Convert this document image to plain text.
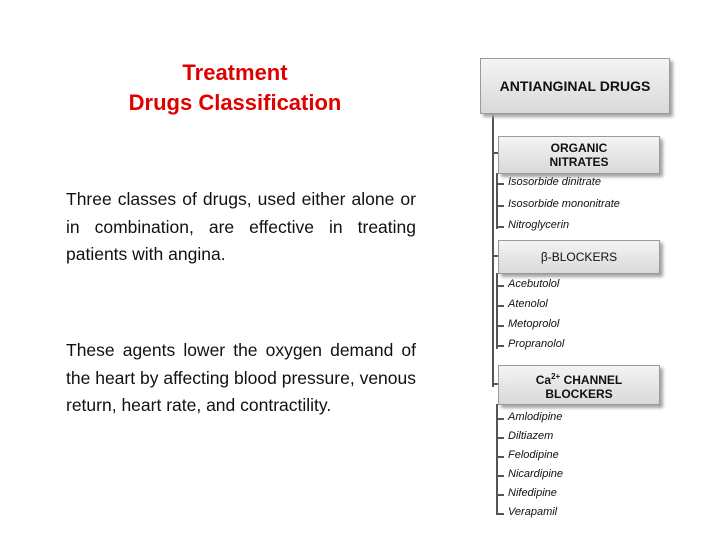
Treatment
Drugs Classification
Three classes of drugs, used either alone or in combination, are effective in treating patients with angina.
These agents lower the oxygen demand of the heart by affecting blood pressure, venous return, heart rate, and contractility.
ANTIANGINAL DRUGS
ORGANIC
NITRATES
β-BLOCKERS
$Ca^{2+}$ CHANNEL
BLOCKERS
Isosorbide dinitrate
Isosorbide mononitrate
Nitroglycerin
Acebutolol
Atenolol
Metoprolol
Propranolol
Amlodipine
Diltiazem
Felodipine
Nicardipine
Nifedipine
Verapamil
